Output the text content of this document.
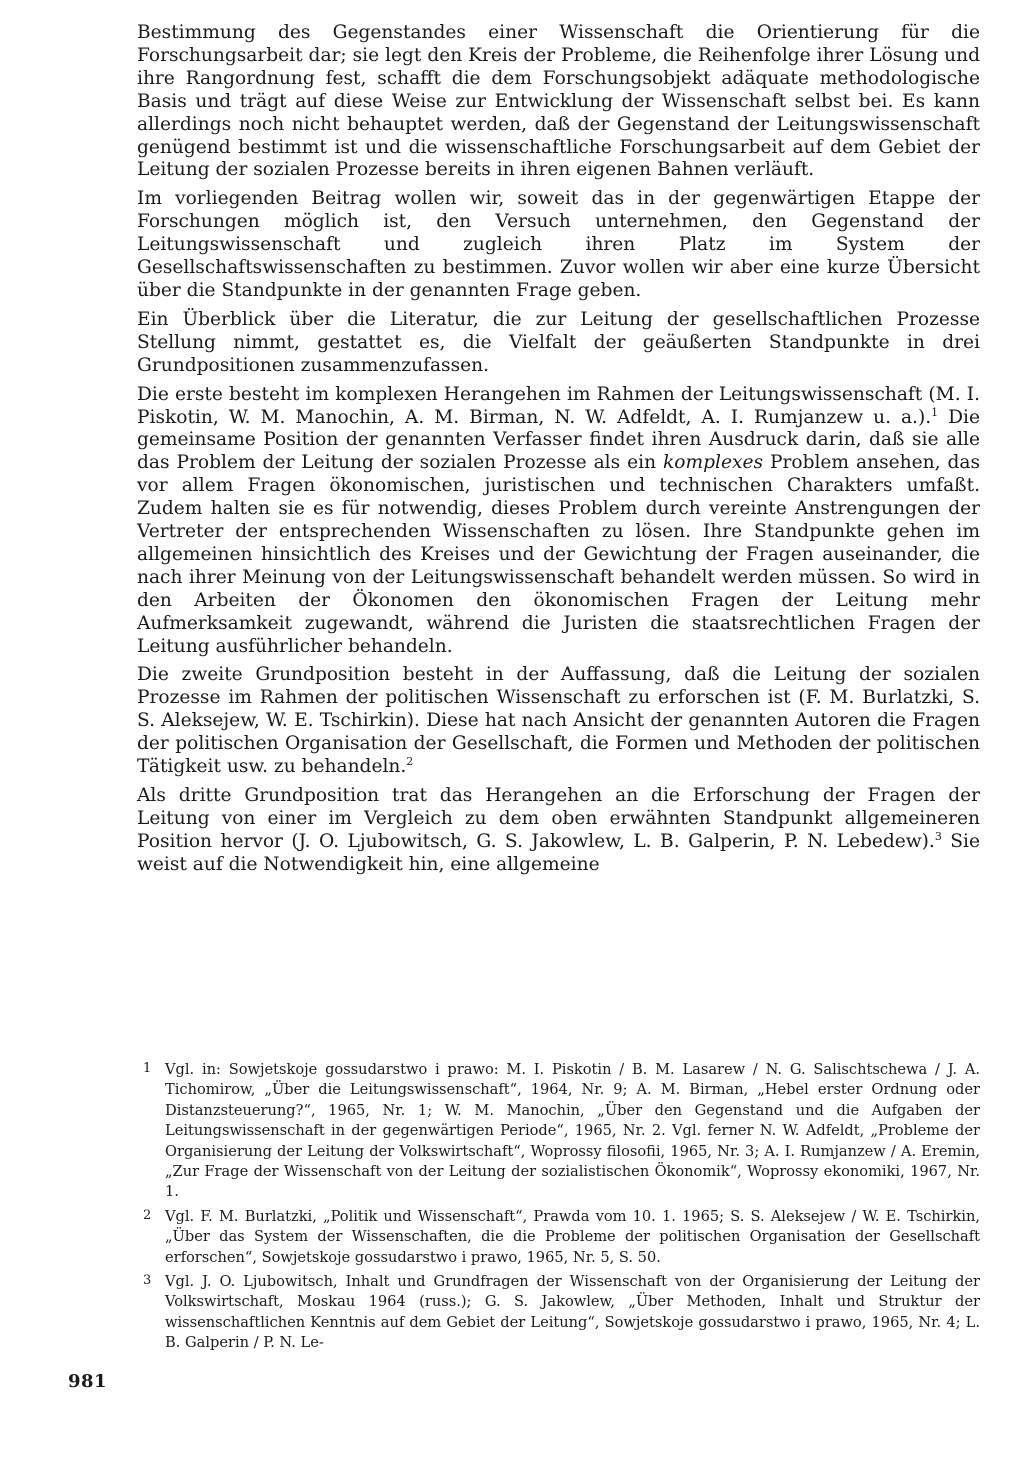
Bestimmung des Gegenstandes einer Wissenschaft die Orientierung für die Forschungsarbeit dar; sie legt den Kreis der Probleme, die Reihenfolge ihrer Lösung und ihre Rangordnung fest, schafft die dem Forschungsobjekt adäquate methodologische Basis und trägt auf diese Weise zur Entwicklung der Wissenschaft selbst bei. Es kann allerdings noch nicht behauptet werden, daß der Gegenstand der Leitungswissenschaft genügend bestimmt ist und die wissenschaftliche Forschungsarbeit auf dem Gebiet der Leitung der sozialen Prozesse bereits in ihren eigenen Bahnen verläuft.

Im vorliegenden Beitrag wollen wir, soweit das in der gegenwärtigen Etappe der Forschungen möglich ist, den Versuch unternehmen, den Gegenstand der Leitungswissenschaft und zugleich ihren Platz im System der Gesellschaftswissenschaften zu bestimmen. Zuvor wollen wir aber eine kurze Übersicht über die Standpunkte in der genannten Frage geben.

Ein Überblick über die Literatur, die zur Leitung der gesellschaftlichen Prozesse Stellung nimmt, gestattet es, die Vielfalt der geäußerten Standpunkte in drei Grundpositionen zusammenzufassen.

Die erste besteht im komplexen Herangehen im Rahmen der Leitungswissenschaft (M. I. Piskotin, W. M. Manochin, A. M. Birman, N. W. Adfeldt, A. I. Rumjanzew u. a.).$^1$ Die gemeinsame Position der genannten Verfasser findet ihren Ausdruck darin, daß sie alle das Problem der Leitung der sozialen Prozesse als ein komplexes Problem ansehen, das vor allem Fragen ökonomischen, juristischen und technischen Charakters umfaßt. Zudem halten sie es für notwendig, dieses Problem durch vereinte Anstrengungen der Vertreter der entsprechenden Wissenschaften zu lösen. Ihre Standpunkte gehen im allgemeinen hinsichtlich des Kreises und der Gewichtung der Fragen auseinander, die nach ihrer Meinung von der Leitungswissenschaft behandelt werden müssen. So wird in den Arbeiten der Ökonomen den ökonomischen Fragen der Leitung mehr Aufmerksamkeit zugewandt, während die Juristen die staatsrechtlichen Fragen der Leitung ausführlicher behandeln.

Die zweite Grundposition besteht in der Auffassung, daß die Leitung der sozialen Prozesse im Rahmen der politischen Wissenschaft zu erforschen ist (F. M. Burlatzki, S. S. Aleksejew, W. E. Tschirkin). Diese hat nach Ansicht der genannten Autoren die Fragen der politischen Organisation der Gesellschaft, die Formen und Methoden der politischen Tätigkeit usw. zu behandeln.$^2$

Als dritte Grundposition trat das Herangehen an die Erforschung der Fragen der Leitung von einer im Vergleich zu dem oben erwähnten Standpunkt allgemeineren Position hervor (J. O. Ljubowitsch, G. S. Jakowlew, L. B. Galperin, P. N. Lebedew).$^3$ Sie weist auf die Notwendigkeit hin, eine allgemeine

1 Vgl. in: Sowjetskoje gossudarstwo i prawo: M. I. Piskotin / B. M. Lasarew / N. G. Salischtschewa / J. A. Tichomirow, „Über die Leitungswissenschaft“, 1964, Nr. 9; A. M. Birman, „Hebel erster Ordnung oder Distanzsteuerung?“, 1965, Nr. 1; W. M. Manochin, „Über den Gegenstand und die Aufgaben der Leitungswissenschaft in der gegenwärtigen Periode“, 1965, Nr. 2. Vgl. ferner N. W. Adfeldt, „Probleme der Organisierung der Leitung der Volkswirtschaft“, Woprossy filosofii, 1965, Nr. 3; A. I. Rumjanzew / A. Eremin, „Zur Frage der Wissenschaft von der Leitung der sozialistischen Ökonomik“, Woprossy ekonomiki, 1967, Nr. 1.
2 Vgl. F. M. Burlatzki, „Politik und Wissenschaft“, Prawda vom 10. 1. 1965; S. S. Aleksejew / W. E. Tschirkin, „Über das System der Wissenschaften, die die Probleme der politischen Organisation der Gesellschaft erforschen“, Sowjetskoje gossudarstwo i prawo, 1965, Nr. 5, S. 50.
3 Vgl. J. O. Ljubowitsch, Inhalt und Grundfragen der Wissenschaft von der Organisierung der Leitung der Volkswirtschaft, Moskau 1964 (russ.); G. S. Jakowlew, „Über Methoden, Inhalt und Struktur der wissenschaftlichen Kenntnis auf dem Gebiet der Leitung“, Sowjetskoje gossudarstwo i prawo, 1965, Nr. 4; L. B. Galperin / P. N. Le-
981
